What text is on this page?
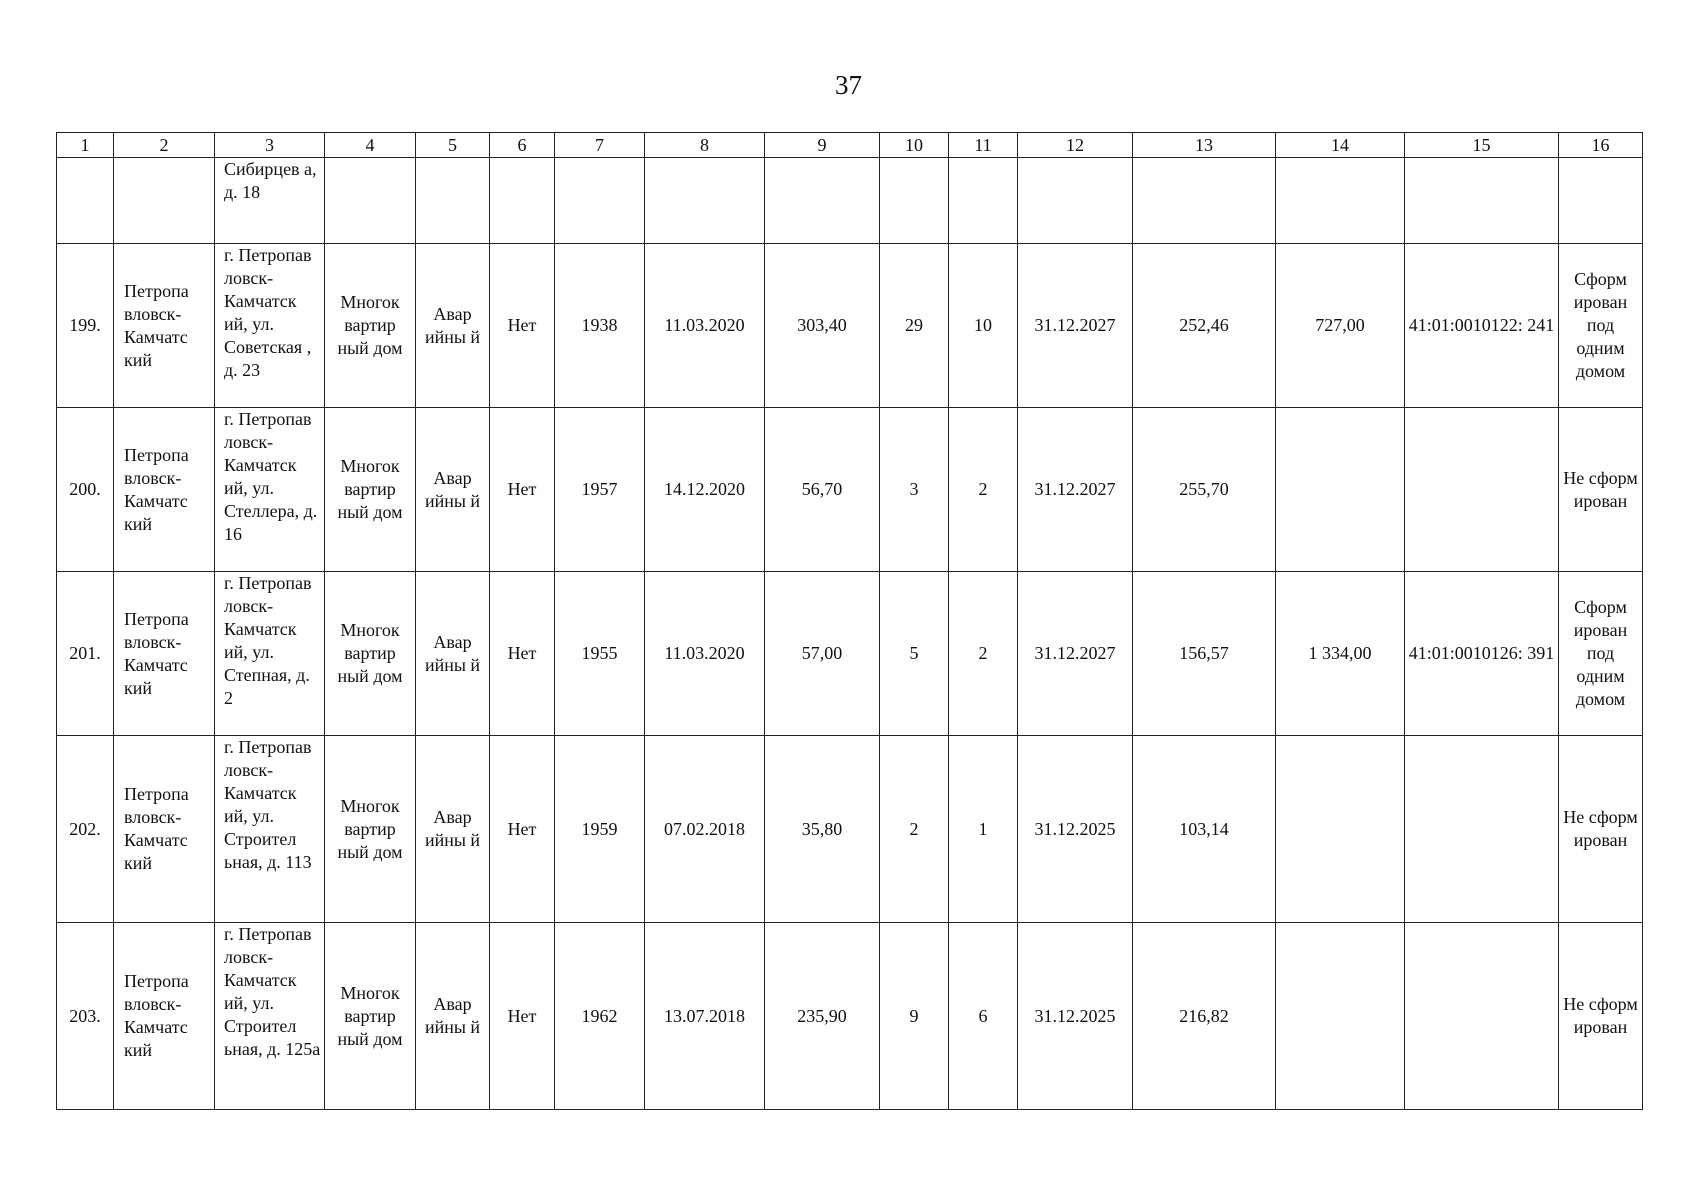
37
1	2	3	4	5	6	7	8	9	10	11	12	13	14	15	16
		Сибирцев а, д. 18													
199.	Петропа вловск-Камчатс кий	г. Петропав ловск-Камчатск ий, ул. Советская , д. 23	Многок вартир ный дом	Авар ийны й	Нет	1938	11.03.2020	303,40	29	10	31.12.2027	252,46	727,00	41:01:0010122: 241	Сформ ирован под одним домом
200.	Петропа вловск-Камчатс кий	г. Петропав ловск-Камчатск ий, ул. Стеллера, д. 16	Многок вартир ный дом	Авар ийны й	Нет	1957	14.12.2020	56,70	3	2	31.12.2027	255,70			Не сформ ирован
201.	Петропа вловск-Камчатс кий	г. Петропав ловск-Камчатск ий, ул. Степная, д. 2	Многок вартир ный дом	Авар ийны й	Нет	1955	11.03.2020	57,00	5	2	31.12.2027	156,57	1 334,00	41:01:0010126: 391	Сформ ирован под одним домом
202.	Петропа вловск-Камчатс кий	г. Петропав ловск-Камчатск ий, ул. Строител ьная, д. 113	Многок вартир ный дом	Авар ийны й	Нет	1959	07.02.2018	35,80	2	1	31.12.2025	103,14			Не сформ ирован
203.	Петропа вловск-Камчатс кий	г. Петропав ловск-Камчатск ий, ул. Строител ьная, д. 125а	Многок вартир ный дом	Авар ийны й	Нет	1962	13.07.2018	235,90	9	6	31.12.2025	216,82			Не сформ ирован
